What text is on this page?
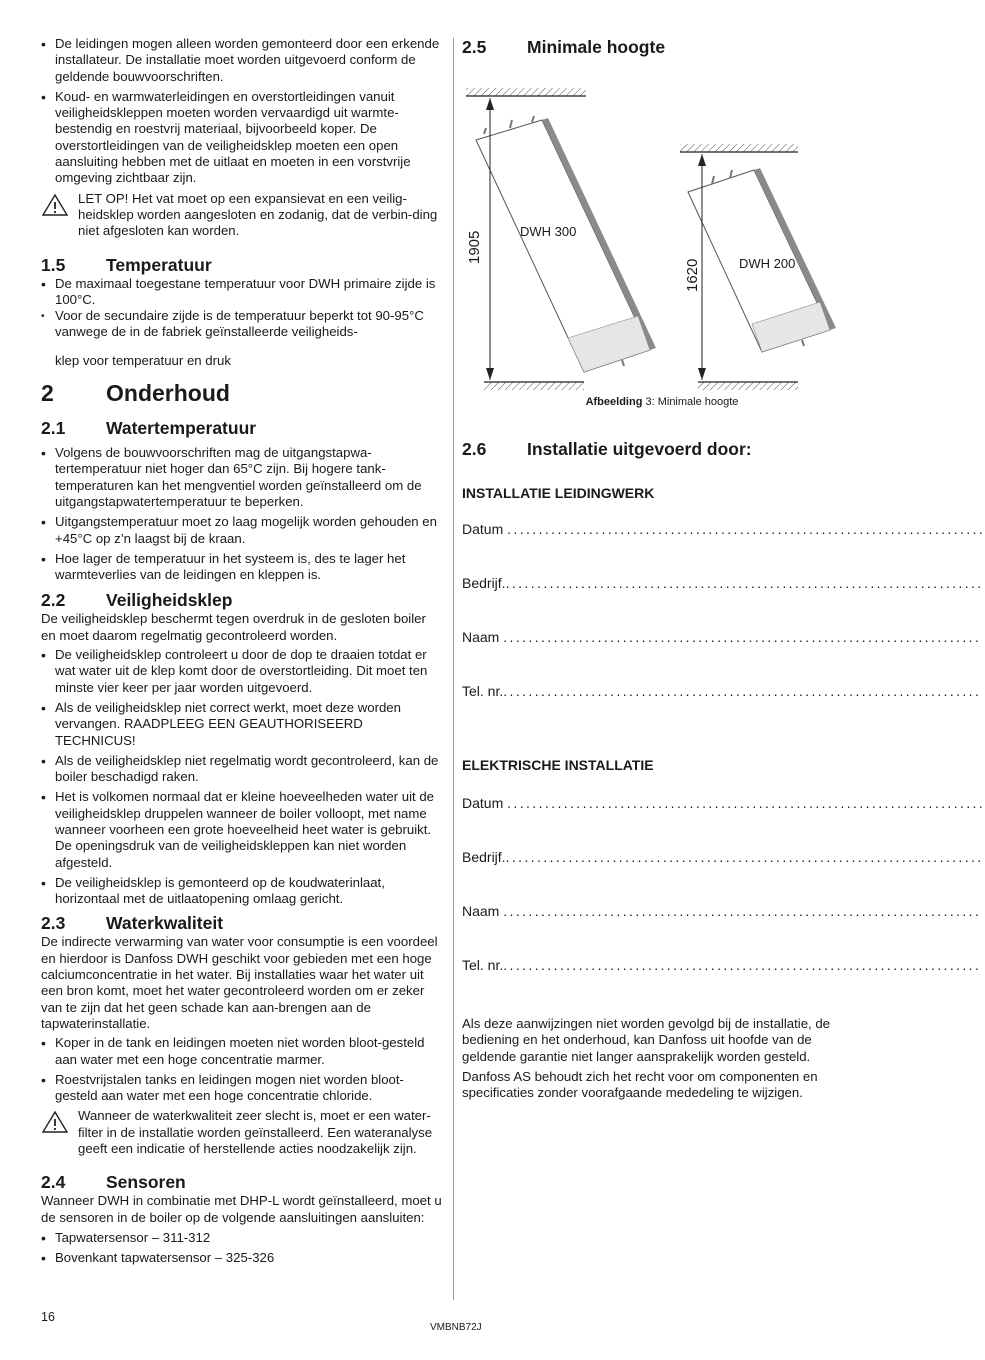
• De leidingen mogen alleen worden gemonteerd door een erkende installateur. De installatie moet worden uitgevoerd conform de geldende bouwvoorschriften.
• Koud- en warmwaterleidingen en overstortleidingen vanuit veiligheidskleppen moeten worden vervaardigd uit warmte-bestendig en roestvrij materiaal, bijvoorbeeld koper. De overstortleidingen van de veiligheidsklep moeten een open aansluiting hebben met de uitlaat en moeten in een vorstvrije omgeving zichtbaar zijn.

LET OP! Het vat moet op een expansievat en een veilig-heidsklep worden aangesloten en zodanig, dat de verbin-ding niet afgesloten kan worden.

1.5	Temperatuur
• De maximaal toegestane temperatuur voor DWH primaire zijde is 100°C.
• Voor de secundaire zijde is de temperatuur beperkt tot 90-95°C vanwege de in de fabriek geïnstalleerde veiligheids-

klep voor temperatuur en druk

2	Onderhoud
2.1	Watertemperatuur
• Volgens de bouwvoorschriften mag de uitgangstapwa-tertemperatuur niet hoger dan 65°C zijn. Bij hogere tank-temperaturen kan het mengventiel worden geïnstalleerd om de uitgangstapwatertemperatuur te beperken.
• Uitgangstemperatuur moet zo laag mogelijk worden gehouden en +45°C op z’n laagst bij de kraan.
• Hoe lager de temperatuur in het systeem is, des te lager het warmteverlies van de leidingen en kleppen is.
2.2	Veiligheidsklep

De veiligheidsklep beschermt tegen overdruk in de gesloten boiler en moet daarom regelmatig gecontroleerd worden.

• De veiligheidsklep controleert u door de dop te draaien totdat er wat water uit de klep komt door de overstortleiding. Dit moet ten minste vier keer per jaar worden uitgevoerd.
• Als de veiligheidsklep niet correct werkt, moet deze worden vervangen. RAADPLEEG EEN GEAUTHORISEERD TECHNICUS!
• Als de veiligheidsklep niet regelmatig wordt gecontroleerd, kan de boiler beschadigd raken.
• Het is volkomen normaal dat er kleine hoeveelheden water uit de veiligheidsklep druppelen wanneer de boiler volloopt, met name wanneer voorheen een grote hoeveelheid heet water is gebruikt. De openingsdruk van de veiligheidskleppen kan niet worden afgesteld.
• De veiligheidsklep is gemonteerd op de koudwaterinlaat, horizontaal met de uitlaatopening omlaag gericht.
2.3	Waterkwaliteit

De indirecte verwarming van water voor consumptie is een voordeel en hierdoor is Danfoss DWH geschikt voor gebieden met een hoge calciumconcentratie in het water. Bij installaties waar het water uit een bron komt, moet het water gecontroleerd worden om er zeker van te zijn dat het geen schade kan aan-brengen aan de tapwaterinstallatie.

• Koper in de tank en leidingen moeten niet worden bloot-gesteld aan water met een hoge concentratie marmer.
• Roestvrijstalen tanks en leidingen mogen niet worden bloot-gesteld aan water met een hoge concentratie chloride.

Wanneer de waterkwaliteit zeer slecht is, moet er een water-filter in de installatie worden geïnstalleerd. Een wateranalyse geeft een indicatie of herstellende acties noodzakelijk zijn.

2.4	Sensoren

Wanneer DWH in combinatie met DHP-L wordt geïnstalleerd, moet u de sensoren in de boiler op de volgende aansluitingen aansluiten:

• Tapwatersensor – 311-312
• Bovenkant tapwatersensor – 325-326
2.5	Minimale hoogte
DWH 300
DWH 200
1905
1620
Afbeelding 3: Minimale hoogte
2.6	Installatie uitgevoerd door:
INSTALLATIE LEIDINGWERK
Datum
............................................................................
Bedrijf. ............................................................................
Naam
............................................................................
Tel. nr. ............................................................................
ELEKTRISCHE INSTALLATIE
Datum
............................................................................
Bedrijf. ............................................................................
Naam
............................................................................
Tel. nr. ............................................................................

Als deze aanwijzingen niet worden gevolgd bij de installatie, de bediening en het onderhoud, kan Danfoss uit hoofde van de geldende garantie niet langer aansprakelijk worden gesteld.

Danfoss AS behoudt zich het recht voor om componenten en specificaties zonder voorafgaande mededeling te wijzigen.

16
VMBNB72J
